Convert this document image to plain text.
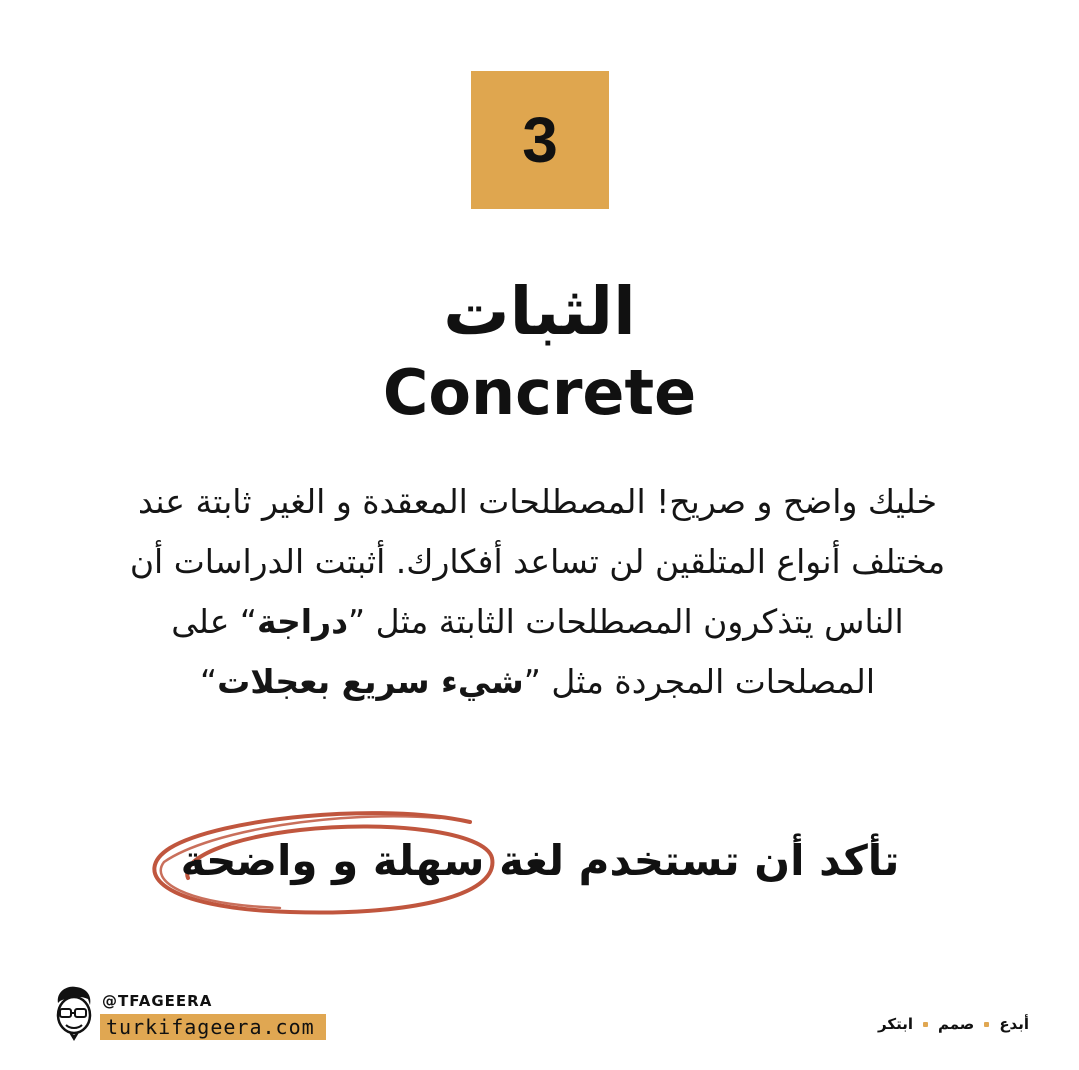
3
الثبات
Concrete
خليك واضح و صريح! المصطلحات المعقدة و الغير ثابتة عند
مختلف أنواع المتلقين لن تساعد أفكارك. أثبتت الدراسات أن
الناس يتذكرون المصطلحات الثابتة مثل ”دراجة“ على
المصلحات المجردة مثل ”شيء سريع بعجلات“
تأكد أن تستخدم لغة سهلة و واضحة
@TFAGEERA
turkifageera.com	أبدع
صمم
ابتكر
